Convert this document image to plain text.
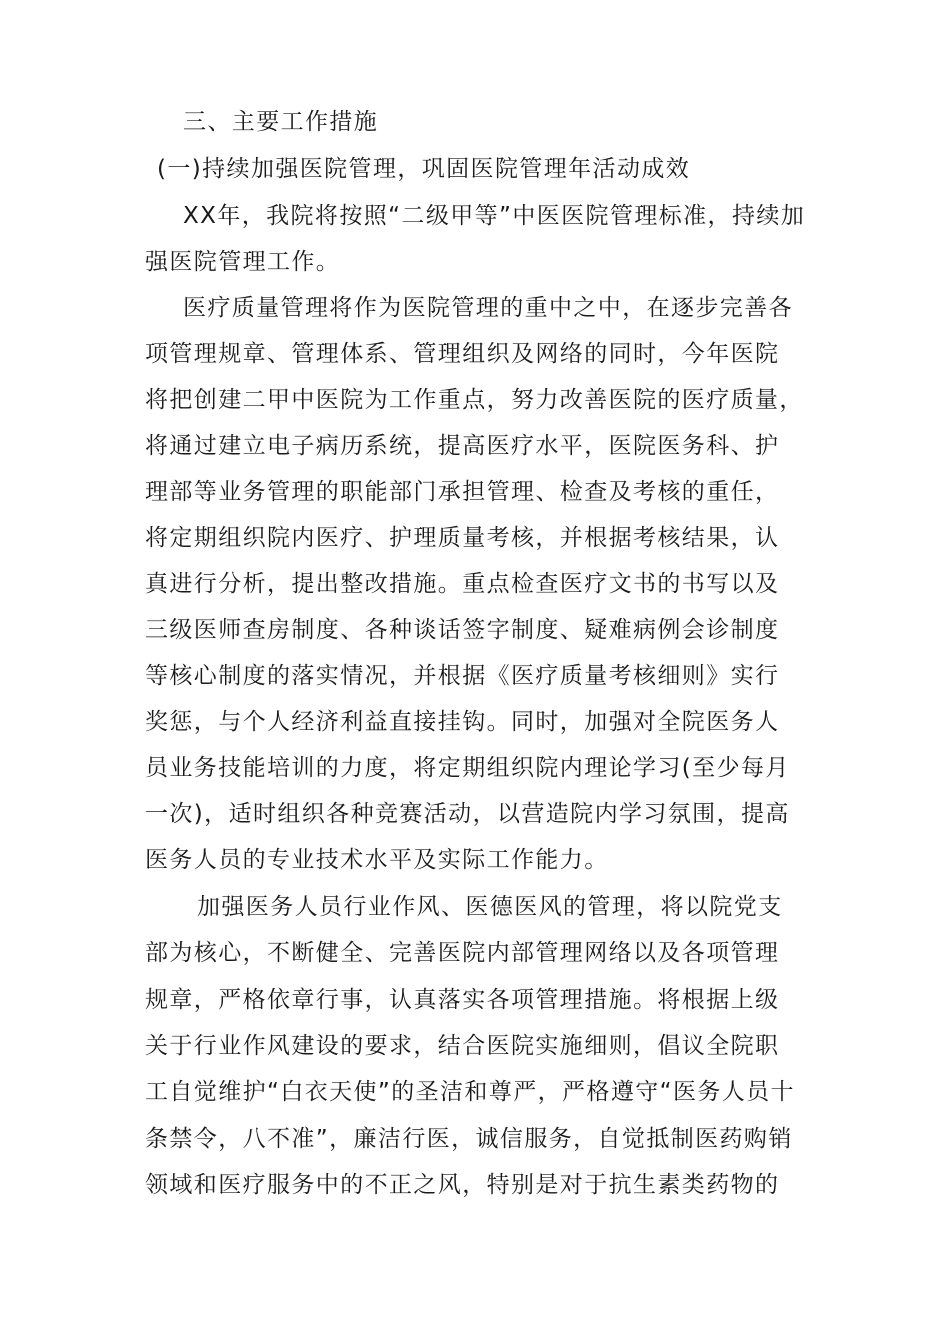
三、主要工作措施
(一)持续加强医院管理，巩固医院管理年活动成效
XX年，我院将按照“二级甲等”中医医院管理标准，持续加
强医院管理工作。
医疗质量管理将作为医院管理的重中之中，在逐步完善各
项管理规章、管理体系、管理组织及网络的同时，今年医院
将把创建二甲中医院为工作重点，努力改善医院的医疗质量，
将通过建立电子病历系统，提高医疗水平，医院医务科、护
理部等业务管理的职能部门承担管理、检查及考核的重任，
将定期组织院内医疗、护理质量考核，并根据考核结果，认
真进行分析，提出整改措施。重点检查医疗文书的书写以及
三级医师查房制度、各种谈话签字制度、疑难病例会诊制度
等核心制度的落实情况，并根据《医疗质量考核细则》实行
奖惩，与个人经济利益直接挂钩。同时，加强对全院医务人
员业务技能培训的力度，将定期组织院内理论学习(至少每月
一次)，适时组织各种竞赛活动，以营造院内学习氛围，提高
医务人员的专业技术水平及实际工作能力。
加强医务人员行业作风、医德医风的管理，将以院党支
部为核心，不断健全、完善医院内部管理网络以及各项管理
规章，严格依章行事，认真落实各项管理措施。将根据上级
关于行业作风建设的要求，结合医院实施细则，倡议全院职
工自觉维护“白衣天使”的圣洁和尊严，严格遵守“医务人员十
条禁令，八不准”，廉洁行医，诚信服务，自觉抵制医药购销
领域和医疗服务中的不正之风，特别是对于抗生素类药物的
